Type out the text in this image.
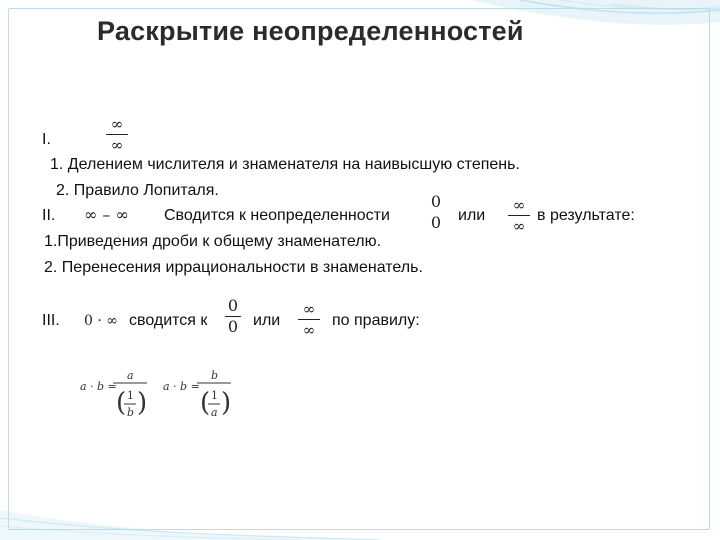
Раскрытие неопределенностей
I.
∞
∞
1. Делением числителя и знаменателя на наивысшую степень.
2. Правило Лопиталя.
II. ∞ – ∞ Сводится к неопределенности
0
0 или
∞
∞
в результате:
1.Приведения дроби к общему знаменателю.
2. Перенесения иррациональности в знаменатель.
III. 0 · ∞ сводится к
0
0 или
∞
∞
по правилу:
a · b =
a
( 1
b )
a · b =
b
( 1
a )
